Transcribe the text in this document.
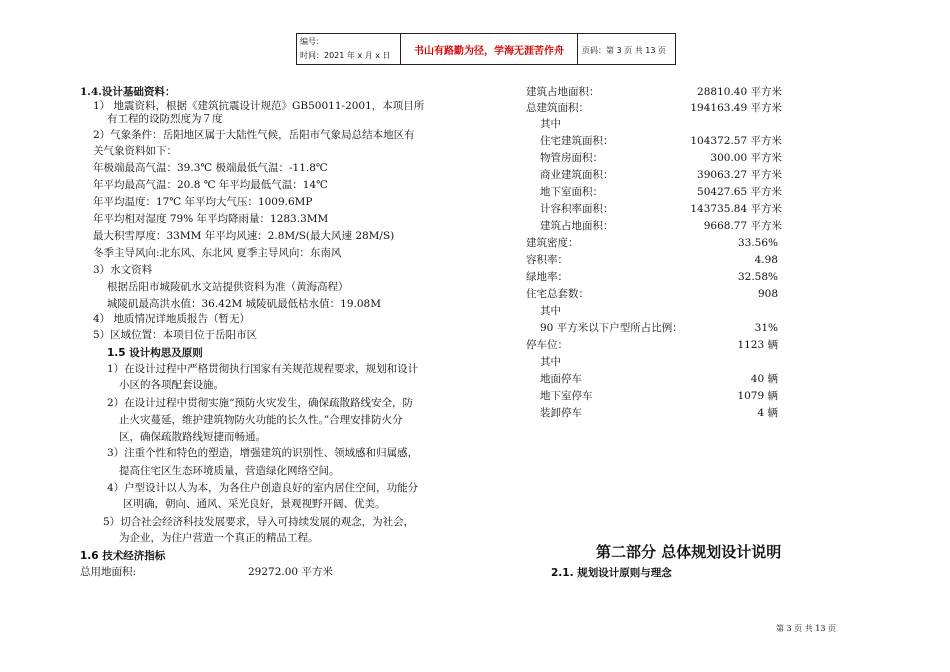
编号：
时间：2021 年 x 月 x 日	书山有路勤为径，学海无涯苦作舟	页码：第 3 页 共 13 页
1.4.设计基础资料：
1） 地震资料，根据《建筑抗震设计规范》GB50011-2001，本项目所
有工程的设防烈度为７度
2）气象条件：岳阳地区属于大陆性气候，岳阳市气象局总结本地区有
关气象资料如下：
年极端最高气温：39.3℃ 极端最低气温：-11.8℃
年平均最高气温：20.8 ℃ 年平均最低气温：14℃
年平均温度：17℃ 年平均大气压：1009.6MP
年平均相对湿度 79% 年平均降雨量：1283.3MM
最大积雪厚度：33MM 年平均风速：2.8M/S(最大风速 28M/S)
冬季主导风向:北东风、东北风 夏季主导风向：东南风
3）水文资料
根据岳阳市城陵矶水文站提供资料为准（黄海高程）
城陵矶最高洪水值：36.42M 城陵矶最低枯水值：19.08M
4） 地质情况详地质报告（暂无）
5）区域位置：本项目位于岳阳市区
1.5 设计构思及原则
1）在设计过程中严格贯彻执行国家有关规范规程要求，规划和设计
小区的各项配套设施。
2）在设计过程中贯彻实施“预防火灾发生，确保疏散路线安全，防
止火灾蔓延，维护建筑物防火功能的长久性。”合理安排防火分
区，确保疏散路线短捷而畅通。
3）注重个性和特色的塑造，增强建筑的识别性、领域感和归属感，
提高住宅区生态环境质量，营造绿化网络空间。
4）户型设计以人为本，为各住户创造良好的室内居住空间，功能分
区明确，朝向、通风、采光良好，景观视野开阔、优美。
5）切合社会经济科技发展要求，导入可持续发展的观念，为社会，
为企业，为住户营造一个真正的精品工程。
1.6 技术经济指标
总用地面积:	29272.00 平方米
建筑占地面积：	28810.40 平方米
总建筑面积：	194163.49 平方米
其中
住宅建筑面积：	104372.57 平方米
物管房面积：	300.00 平方米
商业建筑面积：	39063.27 平方米
地下室面积：	50427.65 平方米
计容积率面积：	143735.84 平方米
建筑占地面积：	9668.77 平方米
建筑密度：	33.56%
容积率：	4.98
绿地率：	32.58%
住宅总套数：	908
其中
90 平方米以下户型所占比例：	31%
停车位：	1123 辆
其中
地面停车	40 辆
地下室停车	1079 辆
装卸停车	4 辆
第二部分 总体规划设计说明
2.1. 规划设计原则与理念
第 3 页 共 13 页
